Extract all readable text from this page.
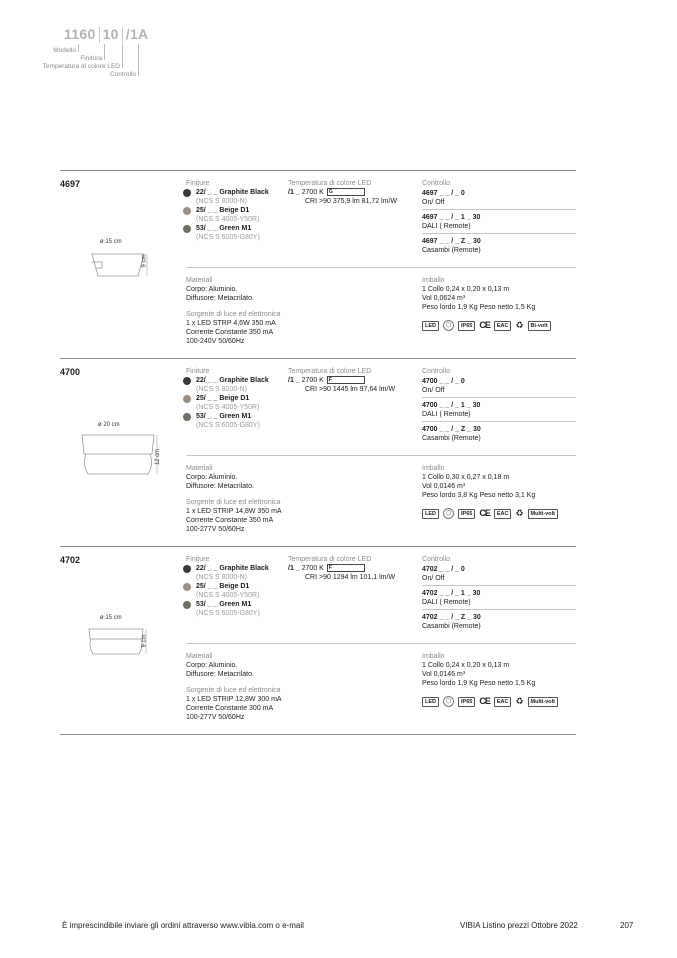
1160 10 /1A
Modello
Finitura
Temperatura di colore LED
Controllo
4697
ø 15 cm
9 cm
Finiture
22/ _ _ Graphite Black
(NCS S 8000-N)
25/ _ _ Beige D1
(NCS S 4005-Y50R)
53/ _ _ Green M1
(NCS S 6005-G80Y)
Temperatura di colore LED
/1 _ 2700 K G
CRI >90 375,9 lm 81,72 lm/W
Controllo
4697 _ _ / _ 0
On/ Off
4697 _ _ / _ 1 _ 30
DALI ( Remote)
4697 _ _ / _ Z _ 30
Casambi (Remote)
Materiali
Corpo: Aluminio.
Diffusore: Metacrilato.
Sorgente di luce ed elettronica
1 x LED STRP 4,6W 350 mA
Corrente Constante 350 mA
100-240V 50/60Hz
Imballo
1 Collo 0,24 x 0,20 x 0,13 m
Vol 0,0624 m³
Peso lordo 1,9 Kg Peso netto 1,5 Kg
LED	◯	IP65 CE	EAC ♻	Bi-volt
4700
ø 20 cm
12 cm
Finiture
22/ _ _ Graphite Black
(NCS S 8000-N)
25/ _ _ Beige D1
(NCS S 4005-Y50R)
53/ _ _ Green M1
(NCS S 6005-G80Y)
Temperatura di colore LED
/1 _ 2700 K F
CRI >90 1445 lm 97,64 lm/W
Controllo
4700 _ _ / _ 0
On/ Off
4700 _ _ / _ 1 _ 30
DALI ( Remote)
4700 _ _ / _ Z _ 30
Casambi (Remote)
Materiali
Corpo: Aluminio.
Diffusore: Metacrilato.
Sorgente di luce ed elettronica
1 x LED STRIP 14,8W 350 mA
Corrente Constante 350 mA
100-277V 50/60Hz
Imballo
1 Collo 0,30 x 0,27 x 0,18 m
Vol 0,0146 m³
Peso lordo 3,8 Kg Peso netto 3,1 Kg
LED	◯	IP65 CE	EAC ♻	Multi-volt
4702
ø 15 cm
9 cm
Finiture
22/ _ _ Graphite Black
(NCS S 8000-N)
25/ _ _ Beige D1
(NCS S 4005-Y50R)
53/ _ _ Green M1
(NCS S 6005-G80Y)
Temperatura di colore LED
/1 _ 2700 K F
CRI >90 1294 lm 101,1 lm/W
Controllo
4702 _ _ / _ 0
On/ Off
4702 _ _ / _ 1 _ 30
DALI ( Remote)
4702 _ _ / _ Z _ 30
Casambi (Remote)
Materiali
Corpo: Aluminio.
Diffusore: Metacrilato.
Sorgente di luce ed elettronica
1 x LED STRIP 12,8W 300 mA
Corrente Constante 300 mA
100-277V 50/60Hz
Imballo
1 Collo 0,24 x 0,20 x 0,13 m
Vol 0,0146 m³
Peso lordo 1,9 Kg Peso netto 1,5 Kg
LED	◯	IP65 CE	EAC ♻	Multi-volt
È imprescindibile inviare gli ordini attraverso www.vibia.com o e-mail	VIBIA Listino prezzi Ottobre 2022	207
